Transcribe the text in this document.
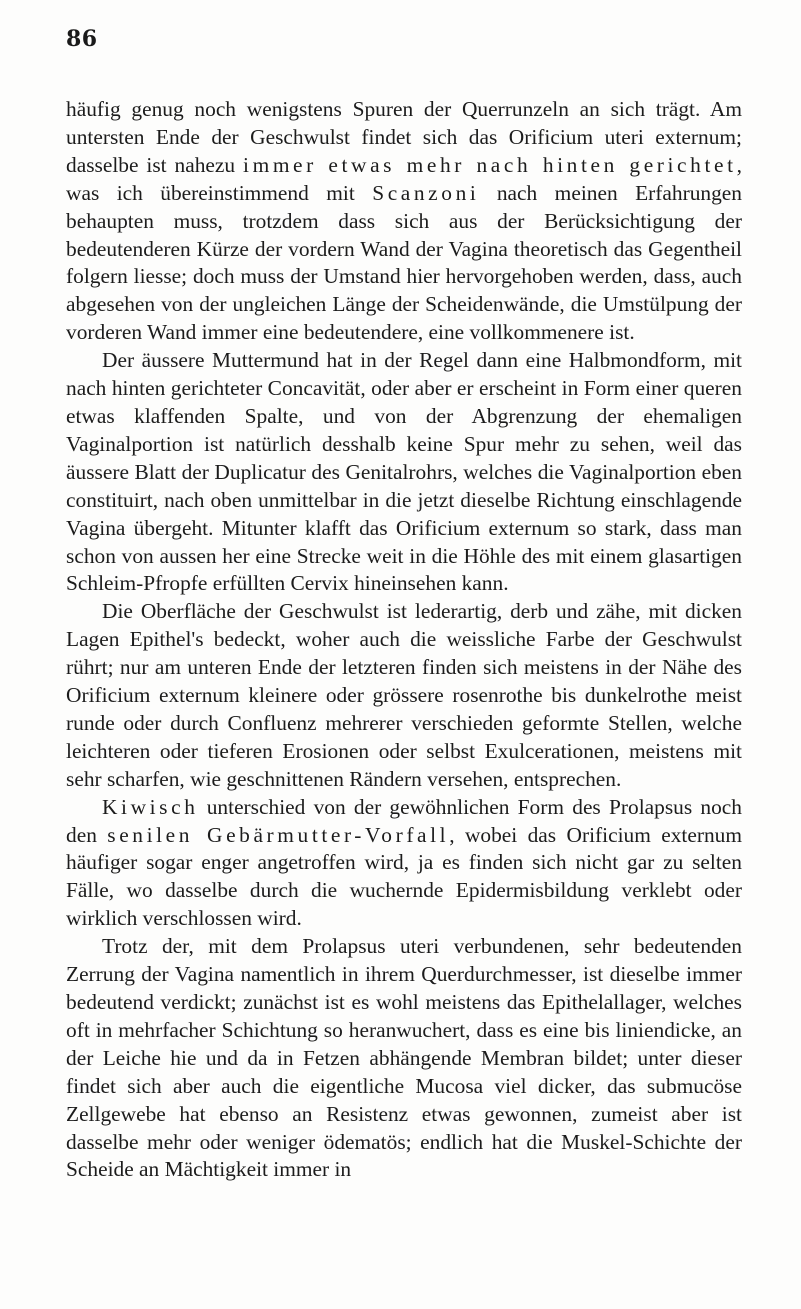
86

häufig genug noch wenigstens Spuren der Querrunzeln an sich trägt. Am untersten Ende der Geschwulst findet sich das Orificium uteri externum; dasselbe ist nahezu immer etwas mehr nach hinten gerichtet, was ich übereinstimmend mit Scanzoni nach meinen Erfahrungen behaupten muss, trotzdem dass sich aus der Berücksichtigung der bedeutenderen Kürze der vordern Wand der Vagina theoretisch das Gegentheil folgern liesse; doch muss der Umstand hier hervorgehoben werden, dass, auch abgesehen von der ungleichen Länge der Scheidenwände, die Umstülpung der vorderen Wand immer eine bedeutendere, eine vollkommenere ist.

Der äussere Muttermund hat in der Regel dann eine Halbmondform, mit nach hinten gerichteter Concavität, oder aber er erscheint in Form einer queren etwas klaffenden Spalte, und von der Abgrenzung der ehemaligen Vaginalportion ist natürlich desshalb keine Spur mehr zu sehen, weil das äussere Blatt der Duplicatur des Genitalrohrs, welches die Vaginalportion eben constituirt, nach oben unmittelbar in die jetzt dieselbe Richtung einschlagende Vagina übergeht. Mitunter klafft das Orificium externum so stark, dass man schon von aussen her eine Strecke weit in die Höhle des mit einem glasartigen Schleim-Pfropfe erfüllten Cervix hineinsehen kann.

Die Oberfläche der Geschwulst ist lederartig, derb und zähe, mit dicken Lagen Epithel's bedeckt, woher auch die weissliche Farbe der Geschwulst rührt; nur am unteren Ende der letzteren finden sich meistens in der Nähe des Orificium externum kleinere oder grössere rosenrothe bis dunkelrothe meist runde oder durch Confluenz mehrerer verschieden geformte Stellen, welche leichteren oder tieferen Erosionen oder selbst Exulcerationen, meistens mit sehr scharfen, wie geschnittenen Rändern versehen, entsprechen.

Kiwisch unterschied von der gewöhnlichen Form des Prolapsus noch den senilen Gebärmutter-Vorfall, wobei das Orificium externum häufiger sogar enger angetroffen wird, ja es finden sich nicht gar zu selten Fälle, wo dasselbe durch die wuchernde Epidermisbildung verklebt oder wirklich verschlossen wird.

Trotz der, mit dem Prolapsus uteri verbundenen, sehr bedeutenden Zerrung der Vagina namentlich in ihrem Querdurchmesser, ist dieselbe immer bedeutend verdickt; zunächst ist es wohl meistens das Epithelallager, welches oft in mehrfacher Schichtung so heranwuchert, dass es eine bis liniendicke, an der Leiche hie und da in Fetzen abhängende Membran bildet; unter dieser findet sich aber auch die eigentliche Mucosa viel dicker, das submucöse Zellgewebe hat ebenso an Resistenz etwas gewonnen, zumeist aber ist dasselbe mehr oder weniger ödematös; endlich hat die Muskel-Schichte der Scheide an Mächtigkeit immer in
